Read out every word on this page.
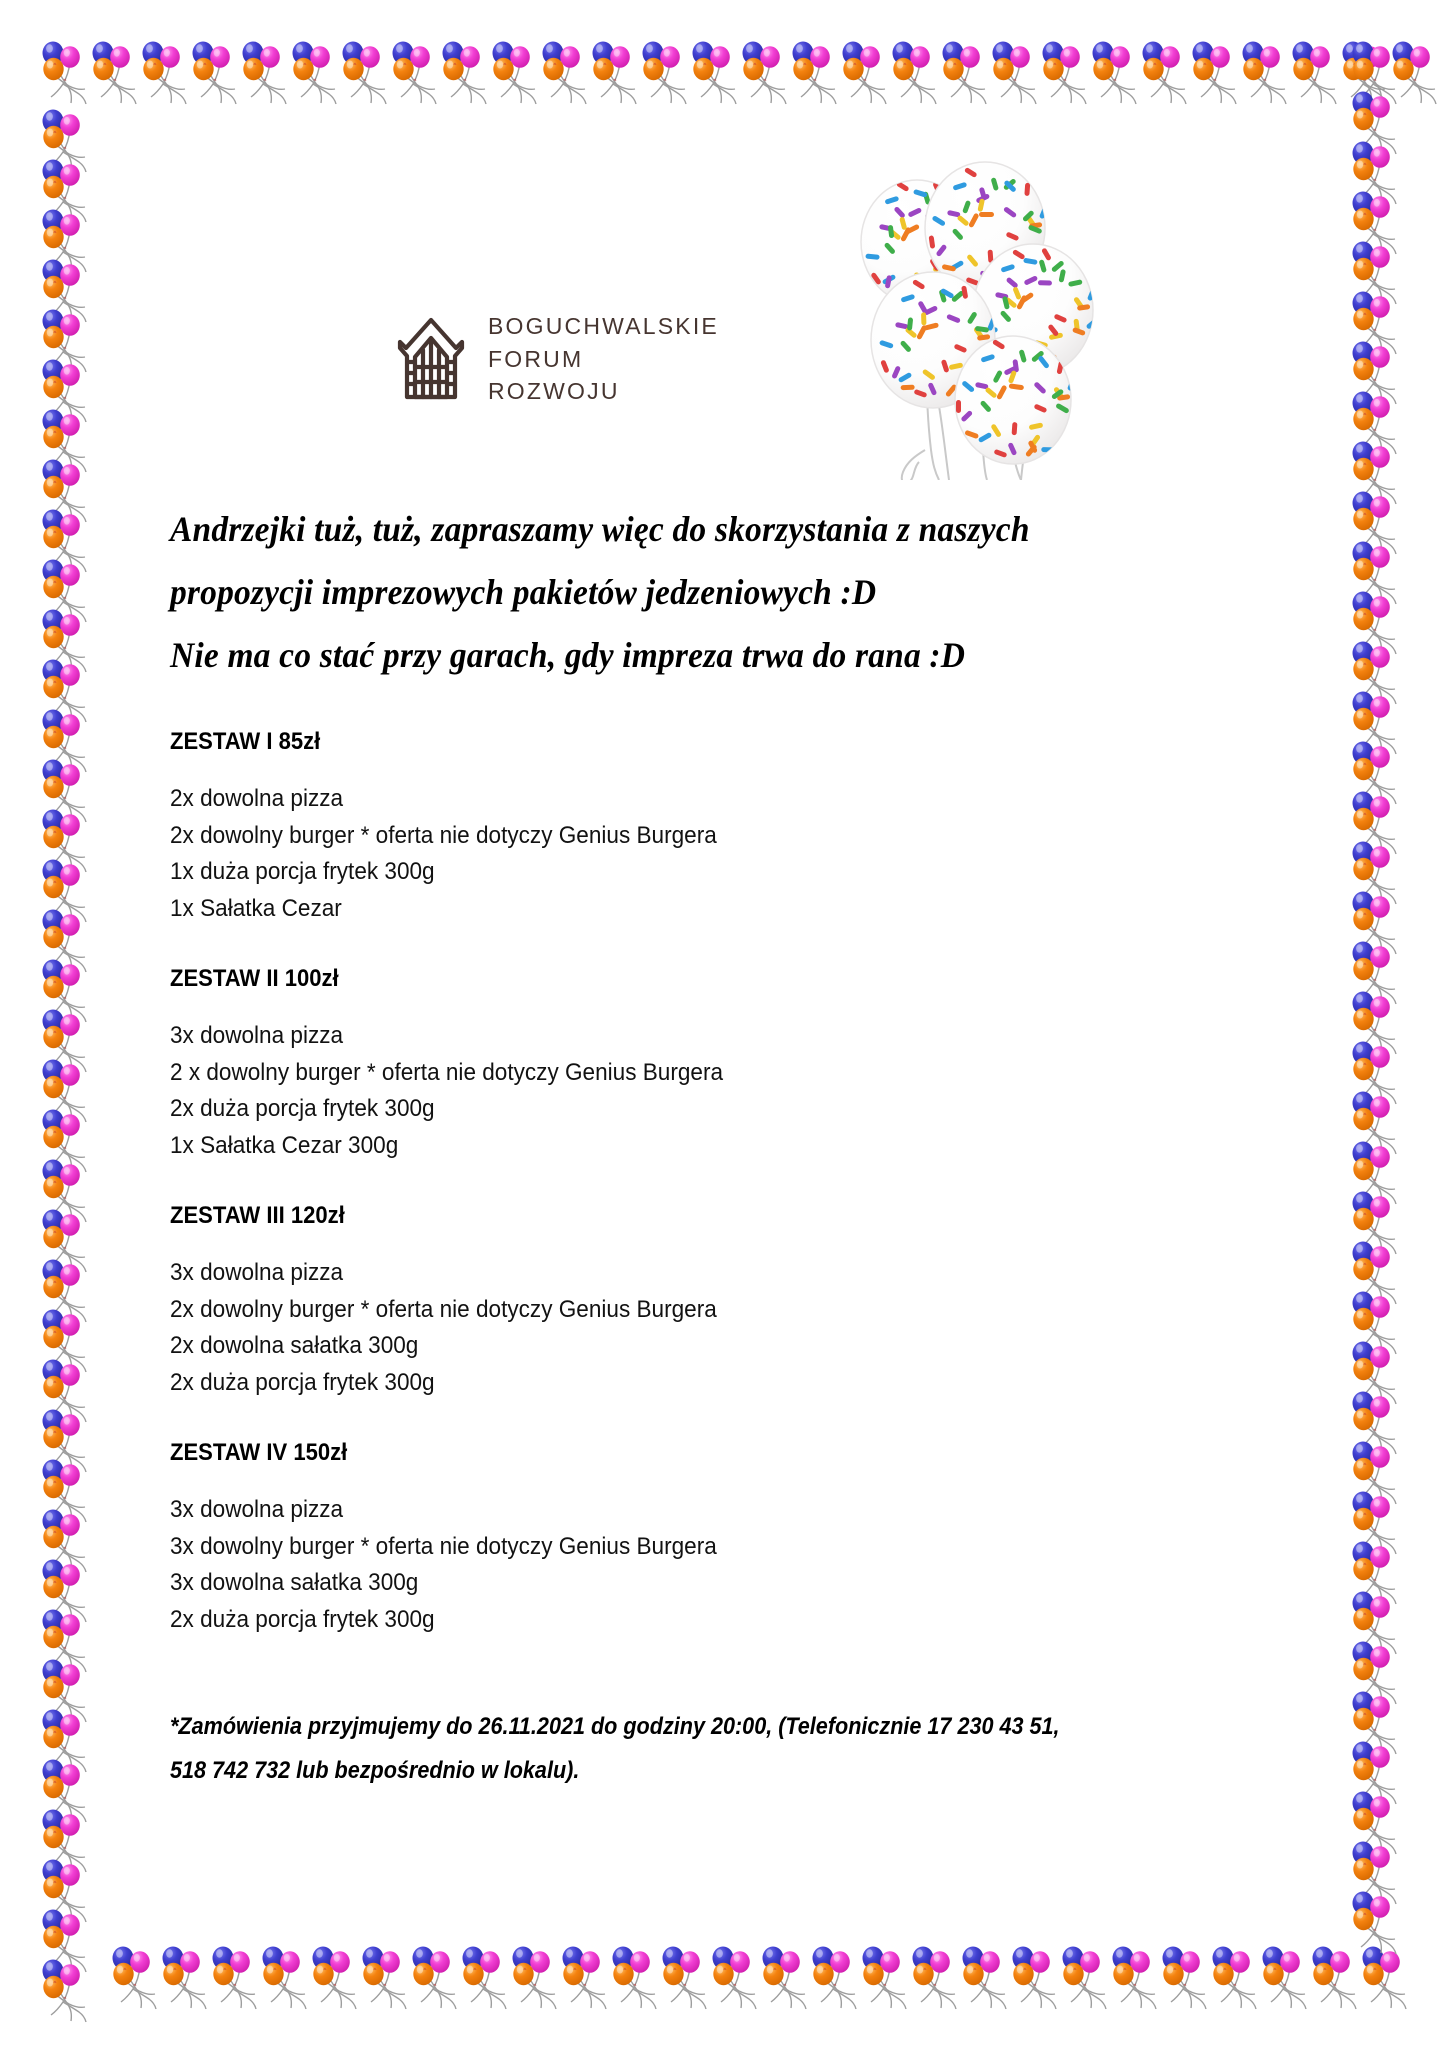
BOGUCHWALSKIE
FORUM
ROZWOJU
Andrzejki tuż, tuż, zapraszamy więc do skorzystania z naszych
propozycji imprezowych pakietów jedzeniowych :D
Nie ma co stać przy garach, gdy impreza trwa do rana :D
ZESTAW I 85zł
2x dowolna pizza
2x dowolny burger * oferta nie dotyczy Genius Burgera
1x duża porcja frytek 300g
1x Sałatka Cezar
ZESTAW II 100zł
3x dowolna pizza
2 x dowolny burger * oferta nie dotyczy Genius Burgera
2x duża porcja frytek 300g
1x Sałatka Cezar 300g
ZESTAW III 120zł
3x dowolna pizza
2x dowolny burger * oferta nie dotyczy Genius Burgera
2x dowolna sałatka 300g
2x duża porcja frytek 300g
ZESTAW IV 150zł
3x dowolna pizza
3x dowolny burger * oferta nie dotyczy Genius Burgera
3x dowolna sałatka 300g
2x duża porcja frytek 300g
*Zamówienia przyjmujemy do 26.11.2021 do godziny 20:00, (Telefonicznie 17 230 43 51,
518 742 732 lub bezpośrednio w lokalu).
